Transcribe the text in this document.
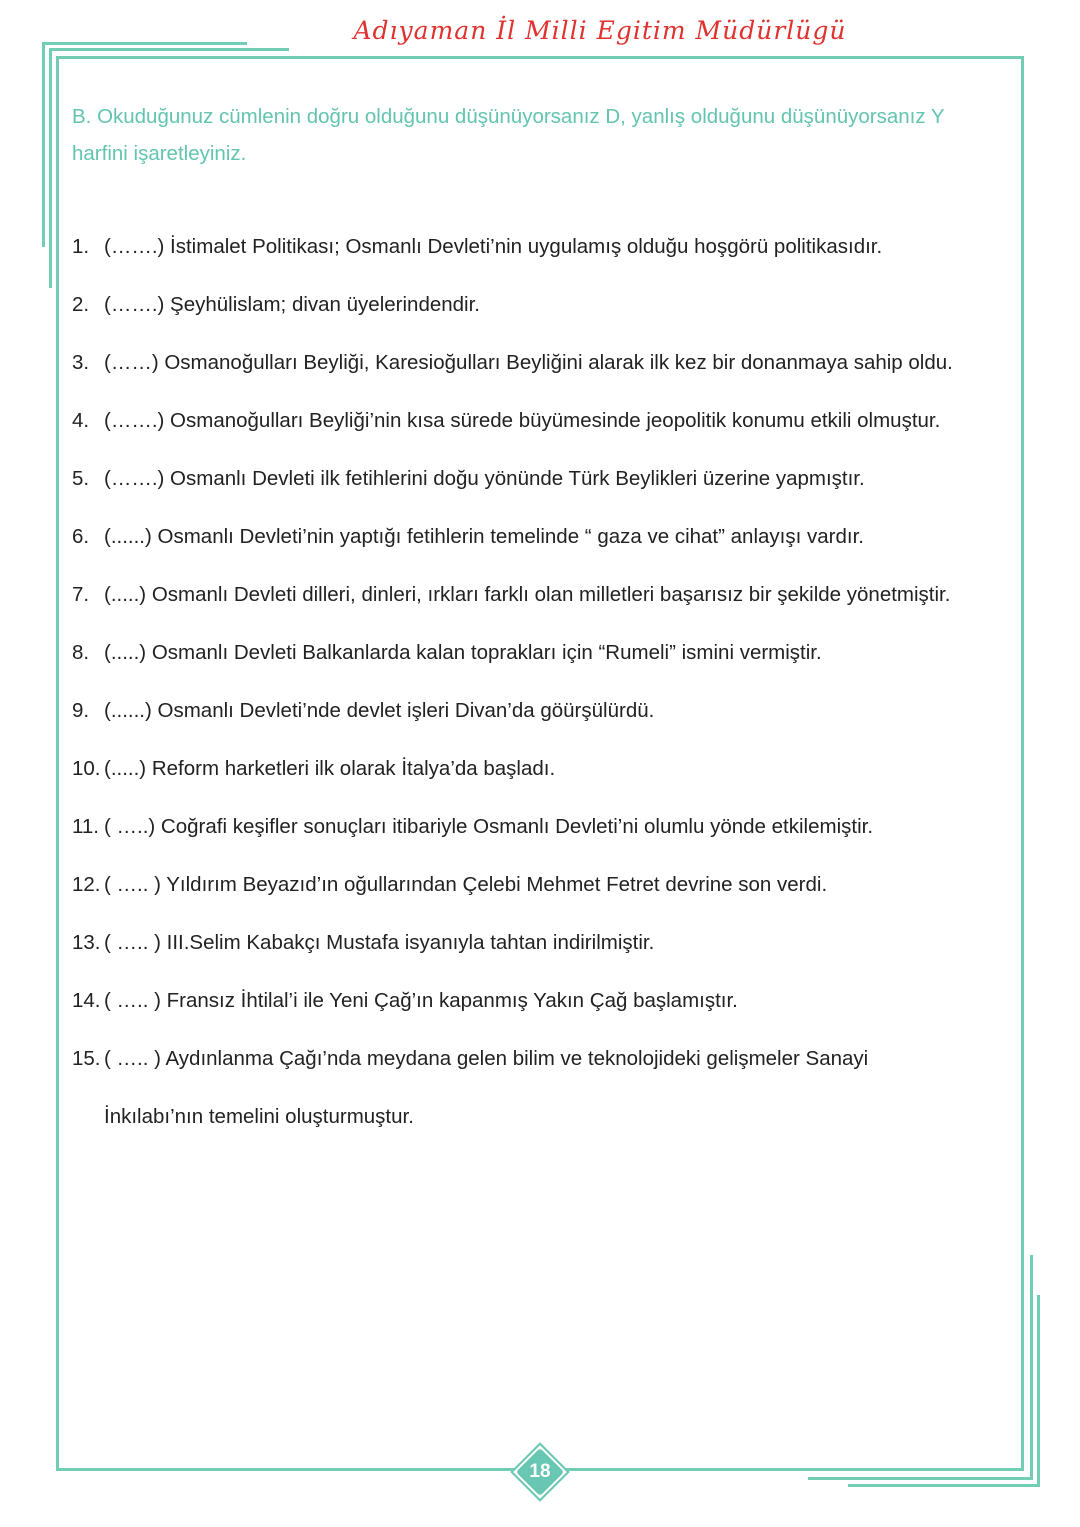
Adıyaman İl Milli Egitim Müdürlügü
B. Okuduğunuz cümlenin doğru olduğunu düşünüyorsanız D, yanlış olduğunu düşünüyorsanız Y
harfini işaretleyiniz.
1. (…….) İstimalet Politikası; Osmanlı Devleti’nin uygulamış olduğu hoşgörü politikasıdır.
2. (…….) Şeyhülislam; divan üyelerindendir.
3. (……) Osmanoğulları Beyliği, Karesioğulları Beyliğini alarak ilk kez bir donanmaya sahip oldu.
4. (…….) Osmanoğulları Beyliği’nin kısa sürede büyümesinde jeopolitik konumu etkili olmuştur.
5. (…….) Osmanlı Devleti ilk fetihlerini doğu yönünde Türk Beylikleri üzerine yapmıştır.
6. (......) Osmanlı Devleti’nin yaptığı fetihlerin temelinde “ gaza ve cihat” anlayışı vardır.
7. (.....) Osmanlı Devleti dilleri, dinleri, ırkları farklı olan milletleri başarısız bir şekilde yönetmiştir.
8. (.....) Osmanlı Devleti Balkanlarda kalan toprakları için “Rumeli” ismini vermiştir.
9. (......) Osmanlı Devleti’nde devlet işleri Divan’da göürşülürdü.
10. (.....) Reform harketleri ilk olarak İtalya’da başladı.
11. ( …..) Coğrafi keşifler sonuçları itibariyle Osmanlı Devleti’ni olumlu yönde etkilemiştir.
12. ( ….. ) Yıldırım Beyazıd’ın oğullarından Çelebi Mehmet Fetret devrine son verdi.
13. ( ….. ) III.Selim Kabakçı Mustafa isyanıyla tahtan indirilmiştir.
14. ( ….. ) Fransız İhtilal’i ile Yeni Çağ’ın kapanmış Yakın Çağ başlamıştır.
15. ( ….. ) Aydınlanma Çağı’nda meydana gelen bilim ve teknolojideki gelişmeler Sanayi
İnkılabı’nın temelini oluşturmuştur.
18
